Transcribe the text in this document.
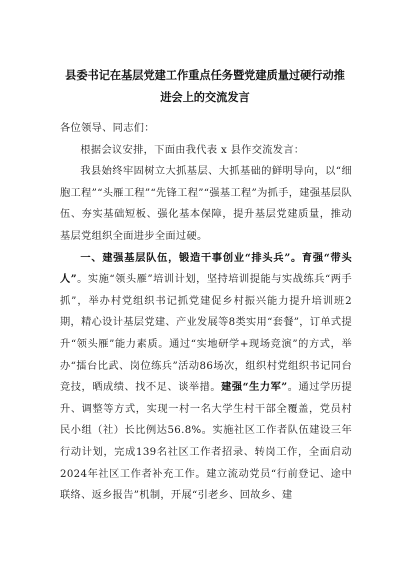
县委书记在基层党建工作重点任务暨党建质量过硬行动推
进会上的交流发言

各位领导、同志们：

根据会议安排，下面由我代表 x 县作交流发言：

我县始终牢固树立大抓基层、大抓基础的鲜明导向，以“细胞工程”“头雁工程”“先锋工程”“强基工程”为抓手，建强基层队伍、夯实基础短板、强化基本保障，提升基层党建质量，推动基层党组织全面进步全面过硬。

一、建强基层队伍，锻造干事创业“排头兵”。育强“带头人”。实施“领头雁”培训计划，坚持培训提能与实战练兵“两手抓”，举办村党组织书记抓党建促乡村振兴能力提升培训班2期，精心设计基层党建、产业发展等8类实用“套餐”，订单式提升“领头雁”能力素质。通过“实地研学+现场竞演”的方式，举办“擂台比武、岗位练兵”活动86场次，组织村党组织书记同台竞技，晒成绩、找不足、谈举措。建强“生力军”。通过学历提升、调整等方式，实现一村一名大学生村干部全覆盖，党员村民小组（社）长比例达56.8%。实施社区工作者队伍建设三年行动计划，完成139名社区工作者招录、转岗工作，全面启动2024年社区工作者补充工作。建立流动党员“行前登记、途中联络、返乡报告”机制，开展“引老乡、回故乡、建
